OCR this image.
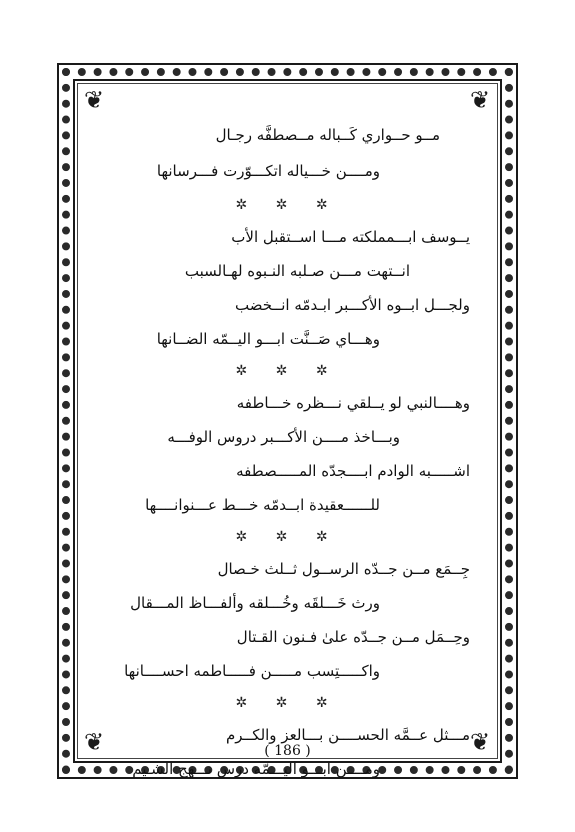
❦	❦
❦	❦
مــو حــواري كَــباله مــصطفَّه رجـال
ومــــن خـــياله اتكـــوّرت فـــرسانها
✲ ✲ ✲
يــوسف ابـــمملكته مـــا اســتقبل الأب
انــتهت مـــن صـلبه النـبوه لهـالسبب
ولجـــل ابــوه الأكـــبر ابـدمّه انــخضب
وهـــاي صَــنَّت ابـــو اليــمّه الضــانها
✲ ✲ ✲
وهــــالنبي لو يــلقي نـــظره خـــاطفه
وبـــاخذ مــــن الأكـــبر دروس الوفـــه
اشـــــبه الوادم ابــــجدّه المـــــصطفه
للــــــعقيدة ابــدمّه خـــط عـــنوانــــها
✲ ✲ ✲
جِــمَع مــن جــدّه الرســول ثــلث خـصال
ورث خَـــلقَه وخُـــلقه وألفـــاظ المـــقال
وحِــمَل مــن جــدّه علىٰ فـنون القـتال
واكـــــتِسب مـــــن فـــــاطمه احســــانها
✲ ✲ ✲
مـــثل عــمَّه الحســــن بـــالعز والكــرم
ومــــن ابـــو اليـــمّه درس نـــهج الشـيم
( 186 )
